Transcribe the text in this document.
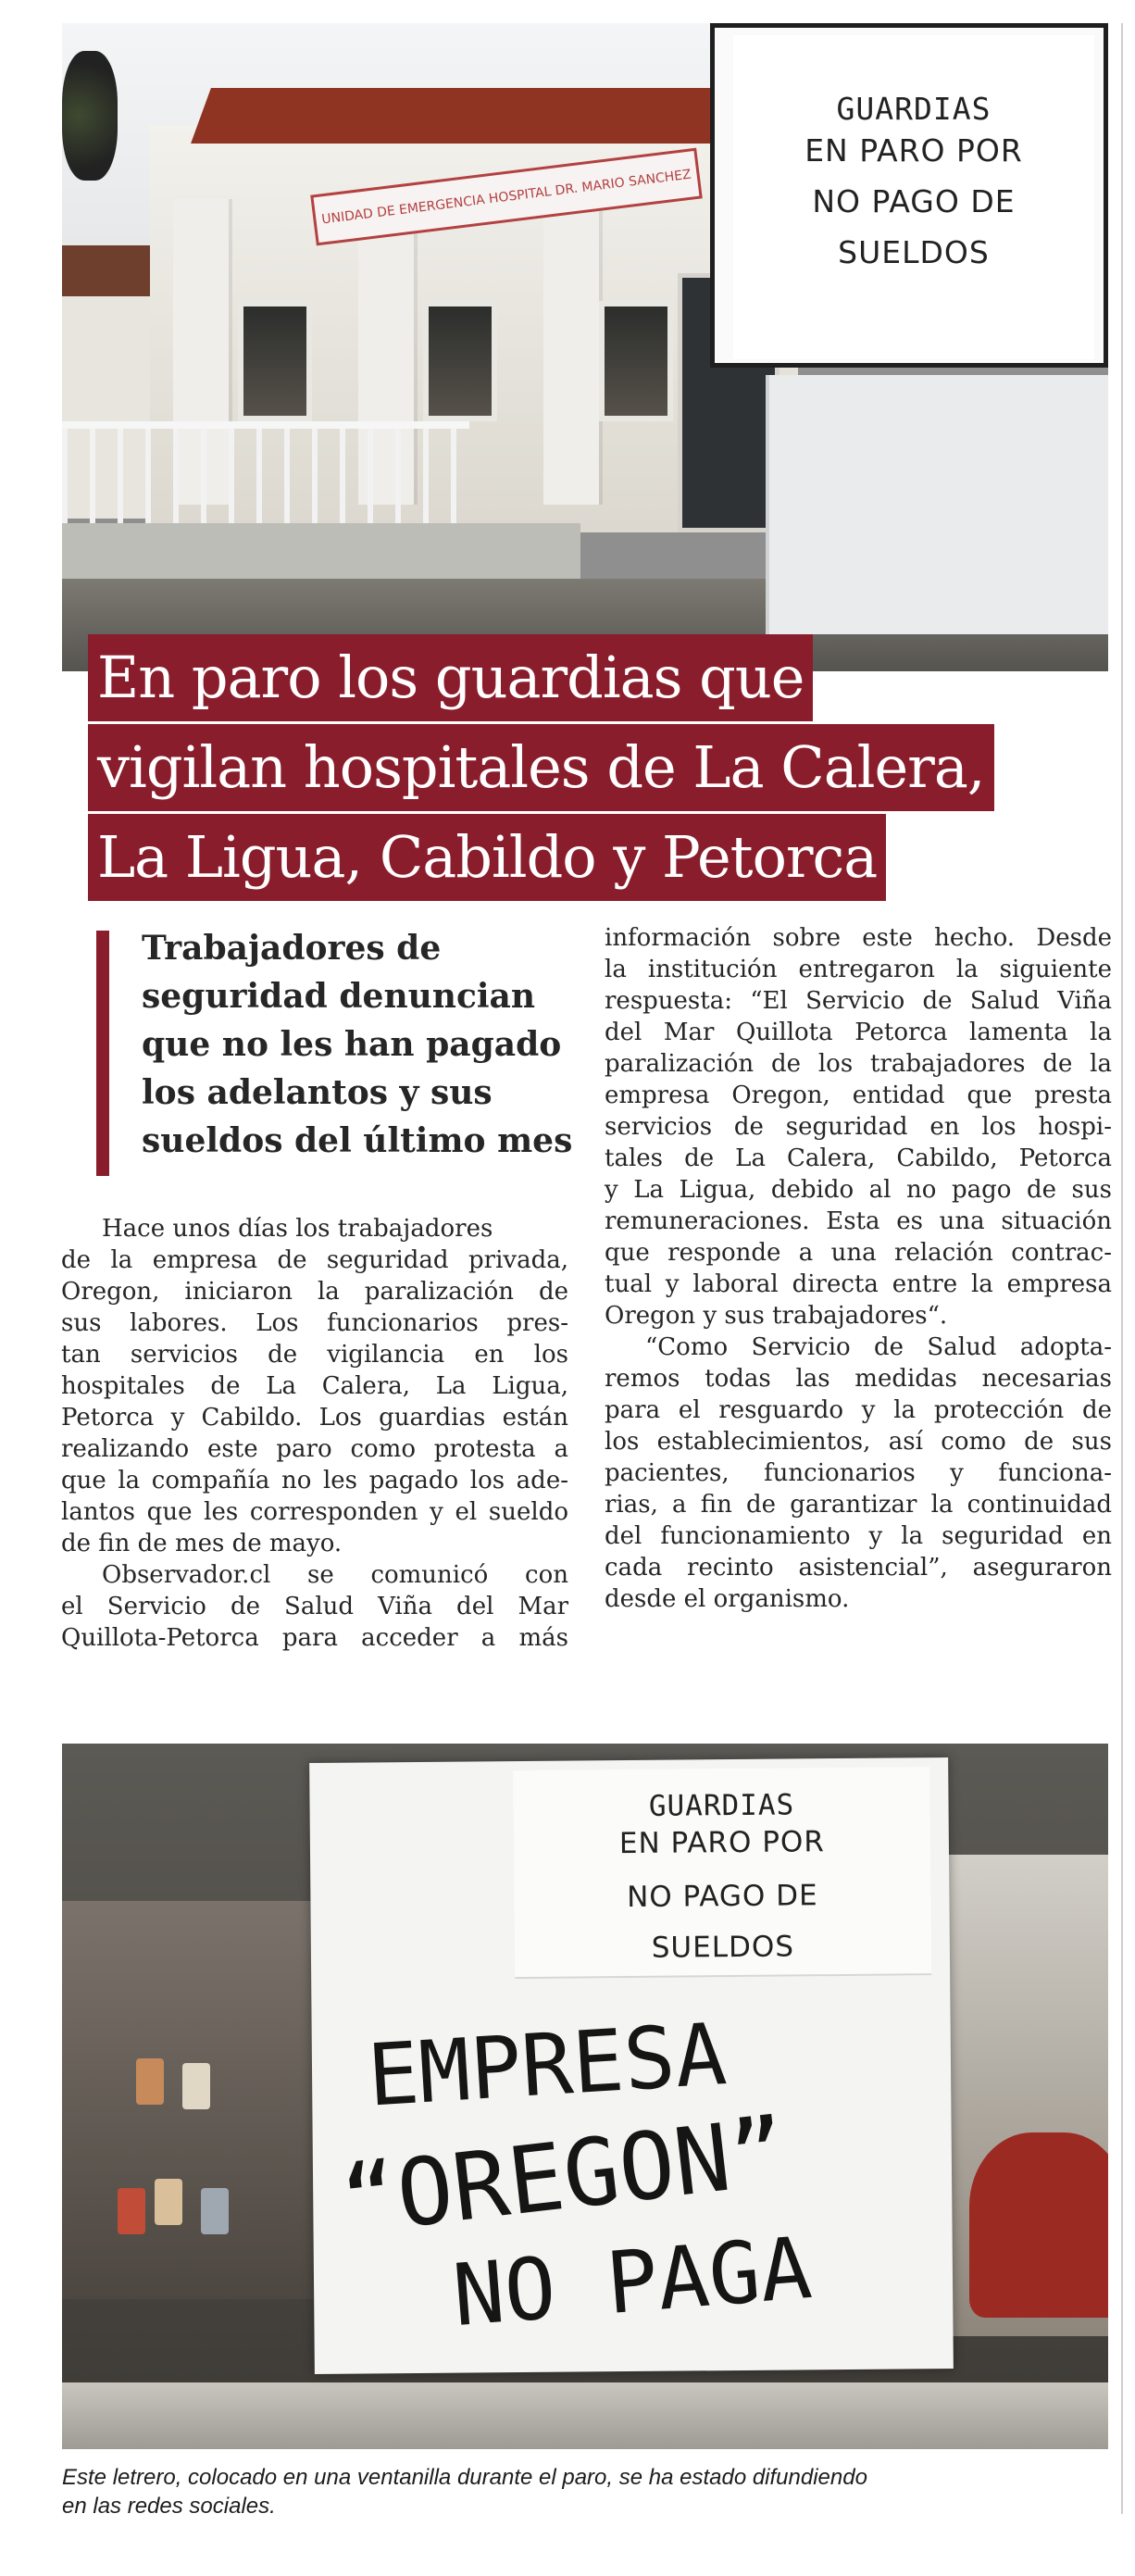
UNIDAD DE EMERGENCIA HOSPITAL DR. MARIO SANCHEZ
GUARDIAS
EN PARO POR
NO PAGO DE
SUELDOS
En paro los guardias que
vigilan hospitales de La Calera,
La Ligua, Cabildo y Petorca
Trabajadores de
seguridad denuncian
que no les han pagado
los adelantos y sus
sueldos del último mes
Hace unos días los trabajadores
de la empresa de seguridad privada,
Oregon, iniciaron la paralización de
sus labores. Los funcionarios pres-
tan servicios de vigilancia en los
hospitales de La Calera, La Ligua,
Petorca y Cabildo. Los guardias están
realizando este paro como protesta a
que la compañía no les pagado los ade-
lantos que les corresponden y el sueldo
de fin de mes de mayo.
Observador.cl se comunicó con
el Servicio de Salud Viña del Mar
Quillota-Petorca para acceder a más
información sobre este hecho. Desde
la institución entregaron la siguiente
respuesta: “El Servicio de Salud Viña
del Mar Quillota Petorca lamenta la
paralización de los trabajadores de la
empresa Oregon, entidad que presta
servicios de seguridad en los hospi-
tales de La Calera, Cabildo, Petorca
y La Ligua, debido al no pago de sus
remuneraciones. Esta es una situación
que responde a una relación contrac-
tual y laboral directa entre la empresa
Oregon y sus trabajadores“.
“Como Servicio de Salud adopta-
remos todas las medidas necesarias
para el resguardo y la protección de
los establecimientos, así como de sus
pacientes, funcionarios y funciona-
rias, a fin de garantizar la continuidad
del funcionamiento y la seguridad en
cada recinto asistencial”, aseguraron
desde el organismo.
GUARDIAS
EN PARO POR
NO PAGO DE
SUELDOS
EMPRESA
“OREGON”
NO PAGA
Este letrero, colocado en una ventanilla durante el paro, se ha estado difundiendo
en las redes sociales.
